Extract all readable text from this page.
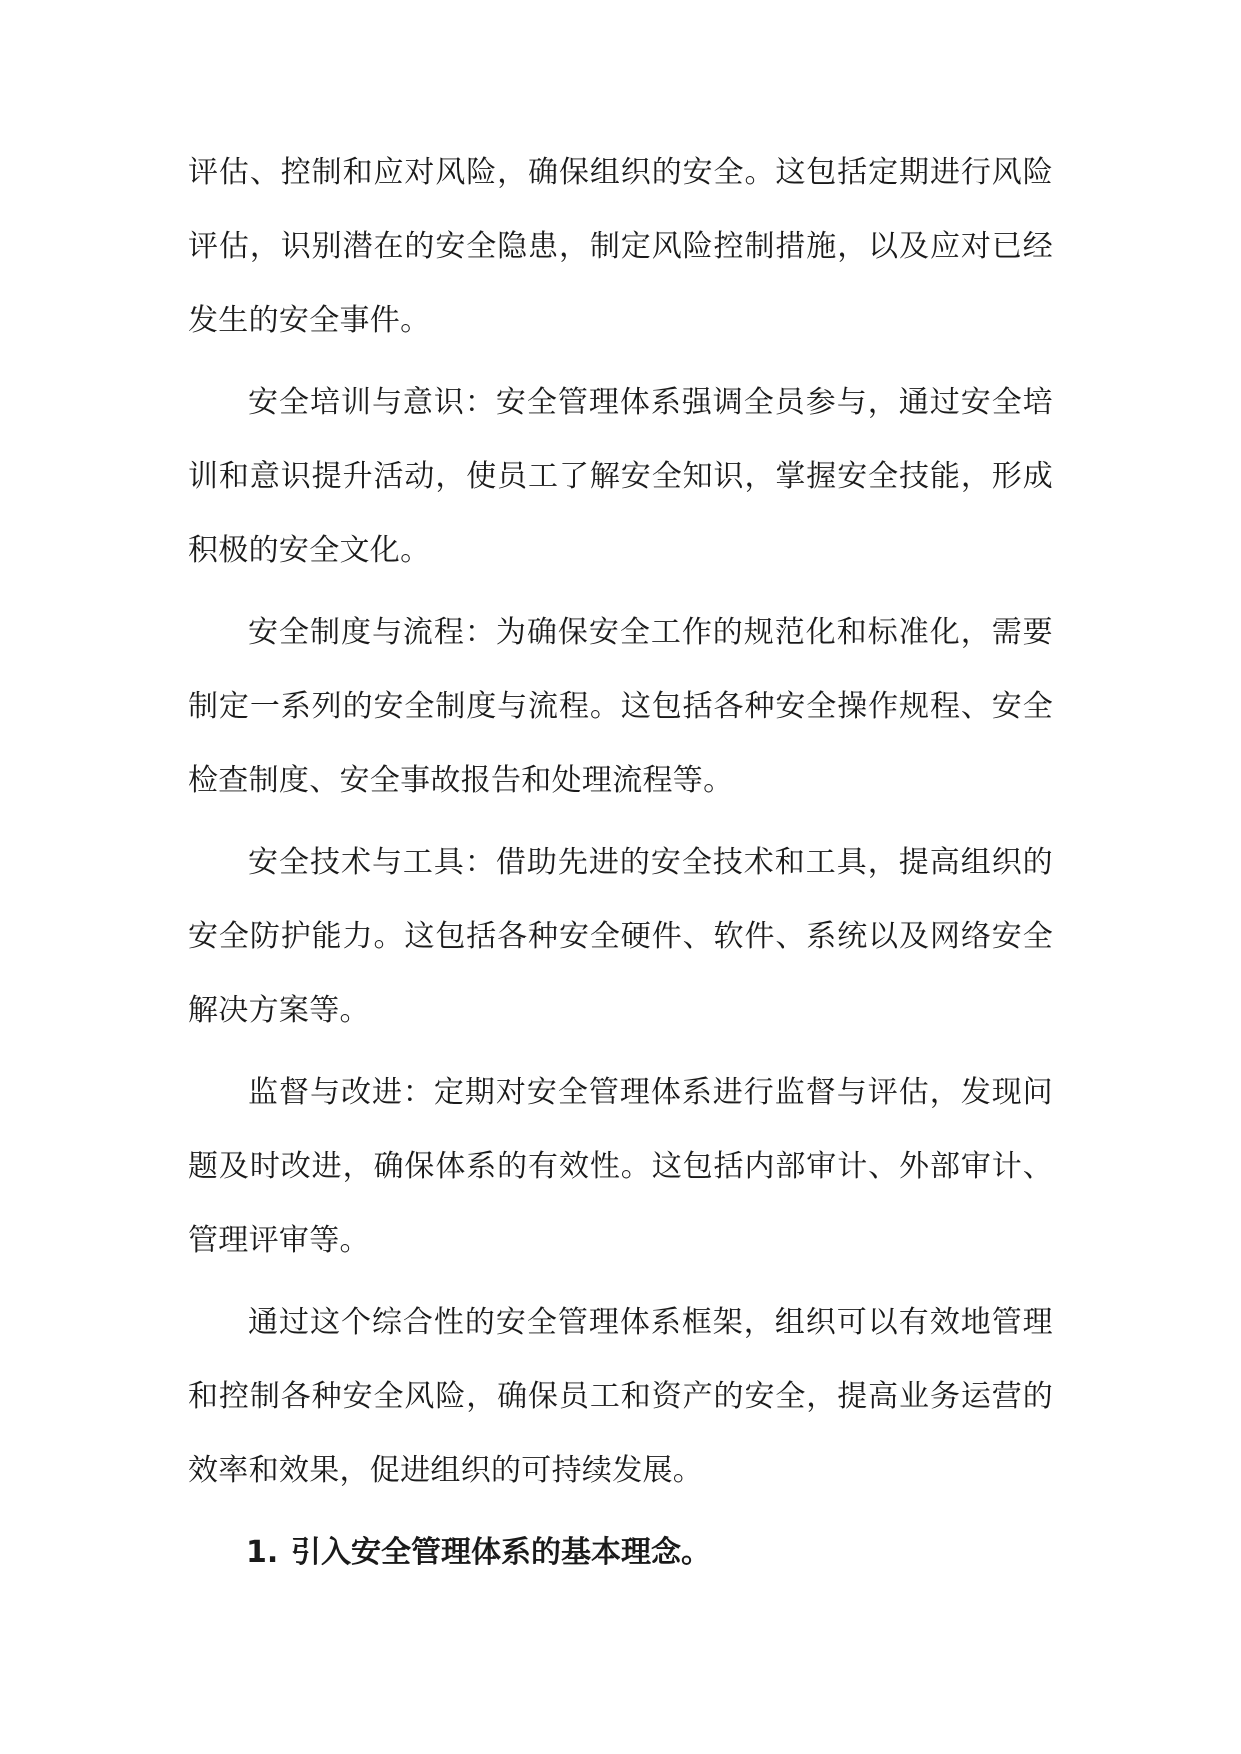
评估、控制和应对风险，确保组织的安全。这包括定期进行风险评估，识别潜在的安全隐患，制定风险控制措施，以及应对已经发生的安全事件。

安全培训与意识：安全管理体系强调全员参与，通过安全培训和意识提升活动，使员工了解安全知识，掌握安全技能，形成积极的安全文化。

安全制度与流程：为确保安全工作的规范化和标准化，需要制定一系列的安全制度与流程。这包括各种安全操作规程、安全检查制度、安全事故报告和处理流程等。

安全技术与工具：借助先进的安全技术和工具，提高组织的安全防护能力。这包括各种安全硬件、软件、系统以及网络安全解决方案等。

监督与改进：定期对安全管理体系进行监督与评估，发现问题及时改进，确保体系的有效性。这包括内部审计、外部审计、管理评审等。

通过这个综合性的安全管理体系框架，组织可以有效地管理和控制各种安全风险，确保员工和资产的安全，提高业务运营的效率和效果，促进组织的可持续发展。

1. 引入安全管理体系的基本理念。
